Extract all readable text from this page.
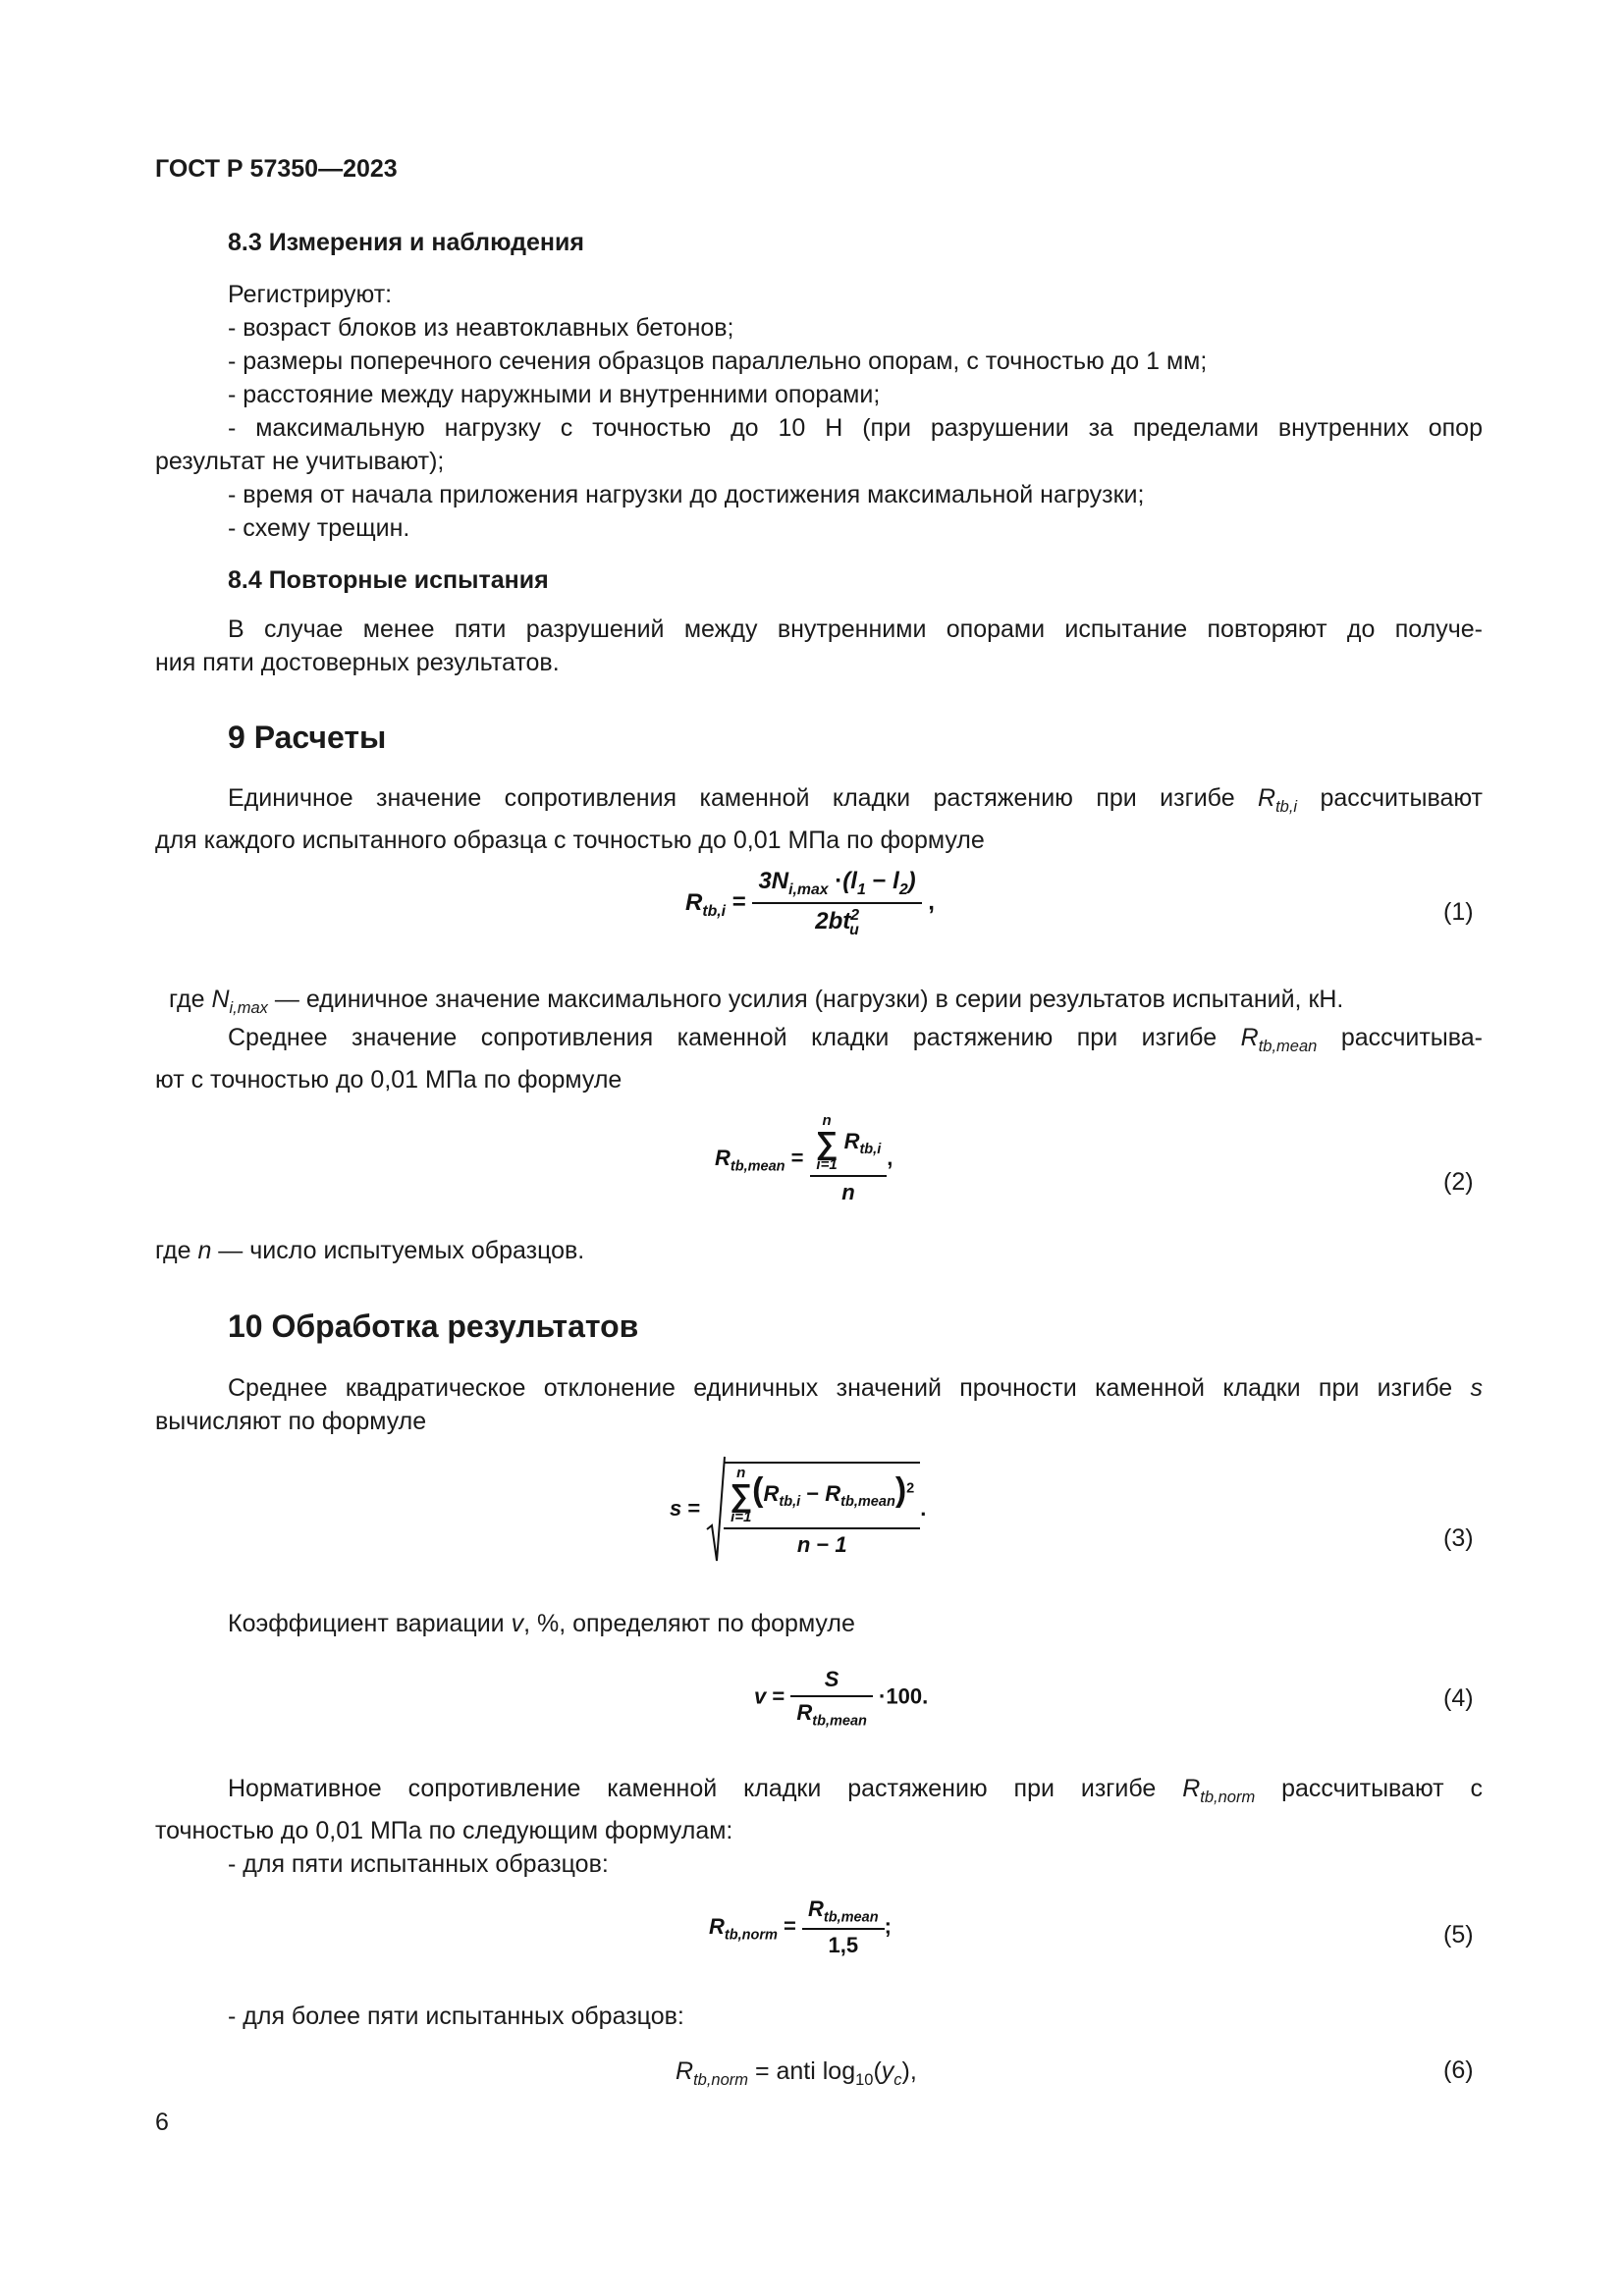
ГОСТ Р 57350—2023
8.3 Измерения и наблюдения
Регистрируют:
- возраст блоков из неавтоклавных бетонов;
- размеры поперечного сечения образцов параллельно опорам, с точностью до 1 мм;
- расстояние между наружными и внутренними опорами;
- максимальную нагрузку с точностью до 10 Н (при разрушении за пределами внутренних опор
результат не учитывают);
- время от начала приложения нагрузки до достижения максимальной нагрузки;
- схему трещин.
8.4 Повторные испытания
В случае менее пяти разрушений между внутренними опорами испытание повторяют до получе-
ния пяти достоверных результатов.
9 Расчеты
Единичное значение сопротивления каменной кладки растяжению при изгибе $R_{tb,i}$ рассчитывают
для каждого испытанного образца с точностью до 0,01 МПа по формуле
$R_{tb,i} = \frac{3N_{i,max} \cdot(l_1 - l_2)}{2bt^2_u}$ ,	(1)
где $N_{i,max}$ — единичное значение максимального усилия (нагрузки) в серии результатов испытаний, кН.
Среднее значение сопротивления каменной кладки растяжению при изгибе $R_{tb,mean}$ рассчитыва-
ют с точностью до 0,01 МПа по формуле
$R_{tb,mean} = n$
∑
i=1
$R_{tb,i}$
n ,
(2)
где n — число испытуемых образцов.
10 Обработка результатов
Среднее квадратическое отклонение единичных значений прочности каменной кладки при изгибе s
вычисляют по формуле
s = n
∑
i=1
$(R_{tb,i} - R_{tb,mean})^2$
n − 1 .
(3)
Коэффициент вариации v, %, определяют по формуле
$v = \frac{S}{R_{tb,mean}} \cdot 100$.	(4)
Нормативное сопротивление каменной кладки растяжению при изгибе $R_{tb,norm}$ рассчитывают с
точностью до 0,01 МПа по следующим формулам:
- для пяти испытанных образцов:
$R_{tb,norm} = \frac{R_{tb,mean}}{1,5}$ ;	(5)
- для более пяти испытанных образцов:
$R_{tb,norm}$ = anti $\log_{10}(y_c)$,	(6)
6
